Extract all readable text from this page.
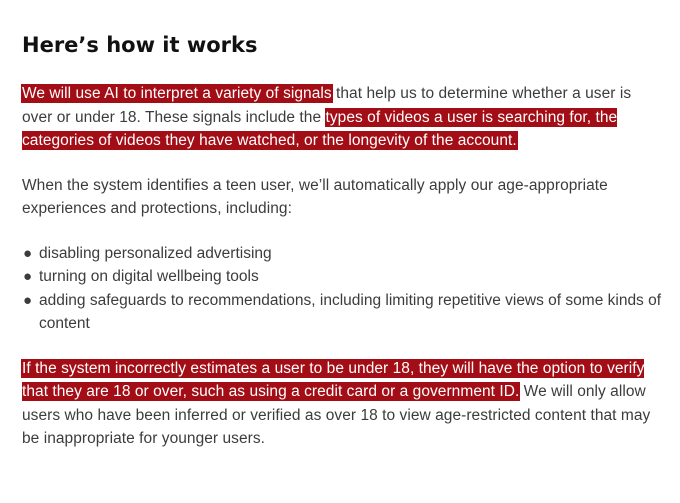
Here’s how it works

We will use AI to interpret a variety of signals that help us to determine whether a user is over or under 18. These signals include the types of videos a user is searching for, the categories of videos they have watched, or the longevity of the account.

When the system identifies a teen user, we’ll automatically apply our age-appropriate experiences and protections, including:

● disabling personalized advertising
● turning on digital wellbeing tools
● adding safeguards to recommendations, including limiting repetitive views of some kinds of content

If the system incorrectly estimates a user to be under 18, they will have the option to verify that they are 18 or over, such as using a credit card or a government ID. We will only allow users who have been inferred or verified as over 18 to view age-restricted content that may be inappropriate for younger users.
